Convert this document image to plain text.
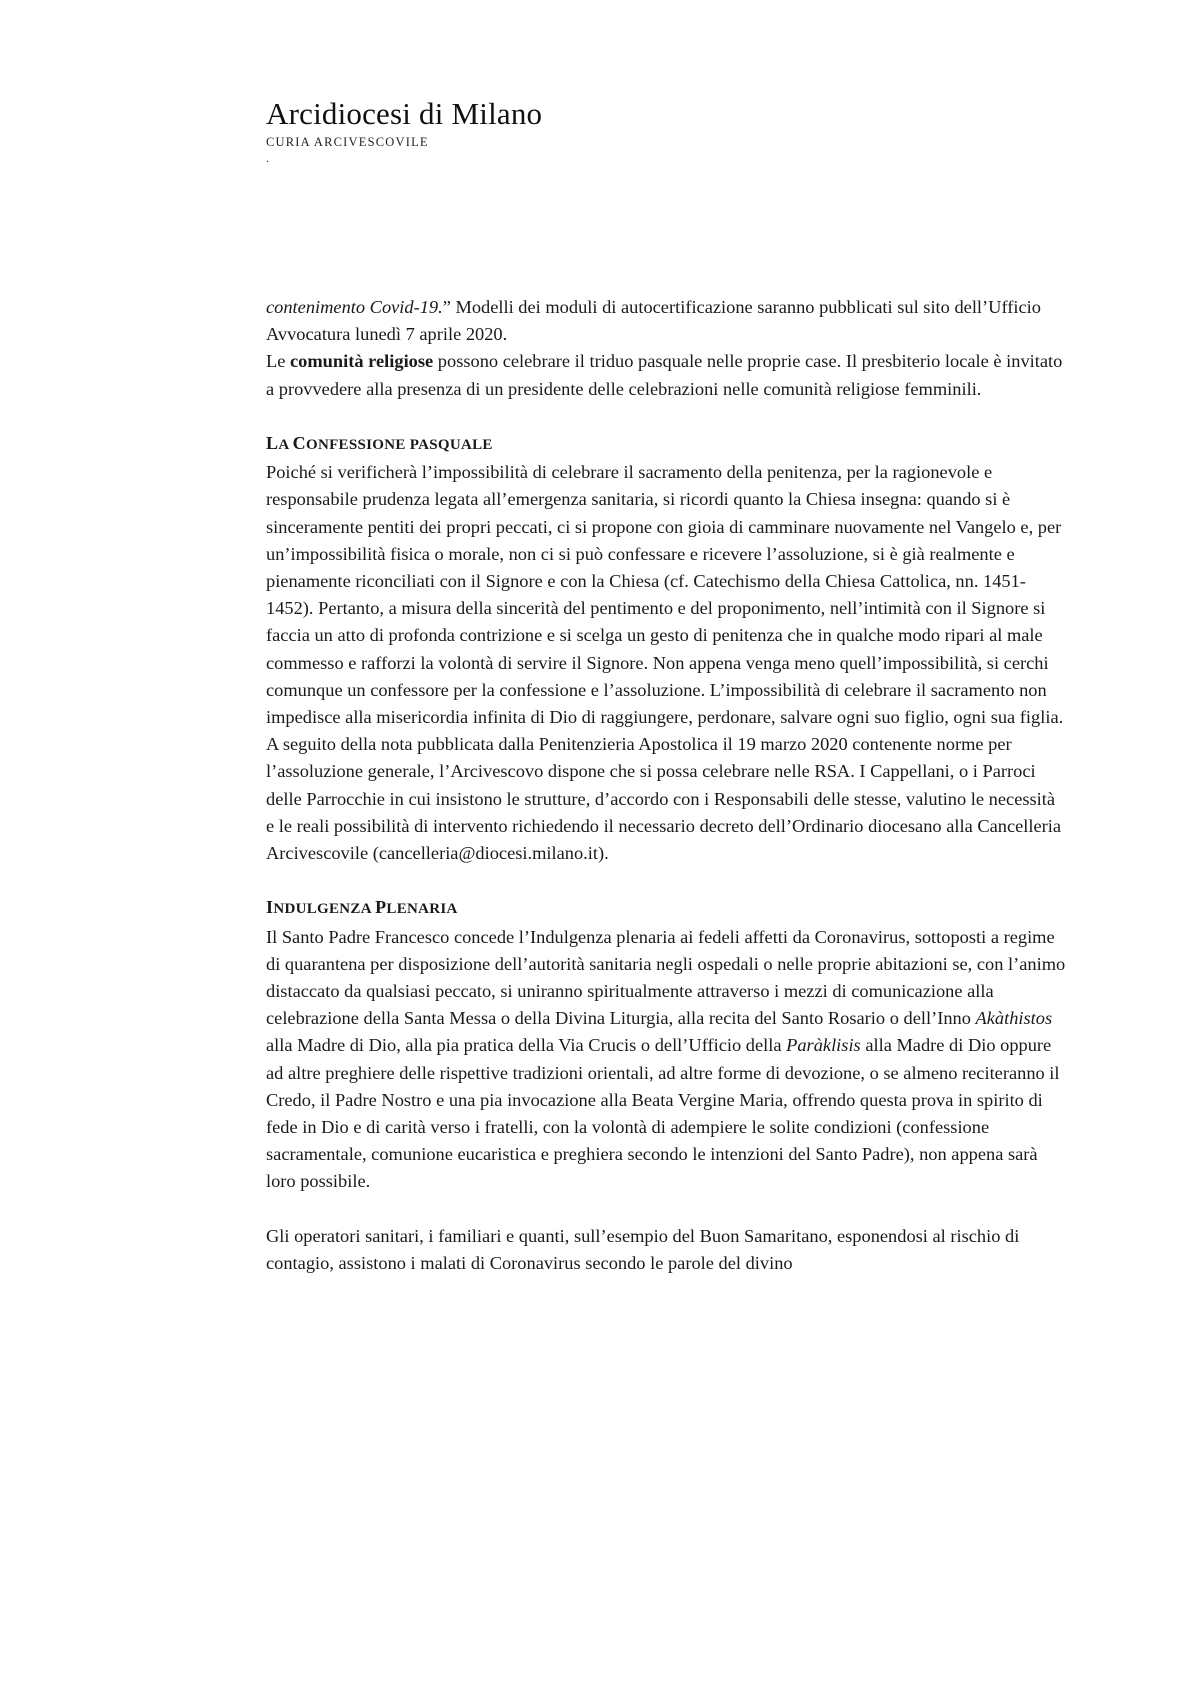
Arcidiocesi di Milano
CURIA ARCIVESCOVILE
.

contenimento Covid-19.” Modelli dei moduli di autocertificazione saranno pubblicati sul sito dell’Ufficio Avvocatura lunedì 7 aprile 2020.

Le comunità religiose possono celebrare il triduo pasquale nelle proprie case. Il presbiterio locale è invitato a provvedere alla presenza di un presidente delle celebrazioni nelle comunità religiose femminili.

LA CONFESSIONE PASQUALE

Poiché si verificherà l’impossibilità di celebrare il sacramento della penitenza, per la ragionevole e responsabile prudenza legata all’emergenza sanitaria, si ricordi quanto la Chiesa insegna: quando si è sinceramente pentiti dei propri peccati, ci si propone con gioia di camminare nuovamente nel Vangelo e, per un’impossibilità fisica o morale, non ci si può confessare e ricevere l’assoluzione, si è già realmente e pienamente riconciliati con il Signore e con la Chiesa (cf. Catechismo della Chiesa Cattolica, nn. 1451-1452). Pertanto, a misura della sincerità del pentimento e del proponimento, nell’intimità con il Signore si faccia un atto di profonda contrizione e si scelga un gesto di penitenza che in qualche modo ripari al male commesso e rafforzi la volontà di servire il Signore. Non appena venga meno quell’impossibilità, si cerchi comunque un confessore per la confessione e l’assoluzione. L’impossibilità di celebrare il sacramento non impedisce alla misericordia infinita di Dio di raggiungere, perdonare, salvare ogni suo figlio, ogni sua figlia.

A seguito della nota pubblicata dalla Penitenzieria Apostolica il 19 marzo 2020 contenente norme per l’assoluzione generale, l’Arcivescovo dispone che si possa celebrare nelle RSA. I Cappellani, o i Parroci delle Parrocchie in cui insistono le strutture, d’accordo con i Responsabili delle stesse, valutino le necessità e le reali possibilità di intervento richiedendo il necessario decreto dell’Ordinario diocesano alla Cancelleria Arcivescovile (cancelleria@diocesi.milano.it).

INDULGENZA PLENARIA

Il Santo Padre Francesco concede l’Indulgenza plenaria ai fedeli affetti da Coronavirus, sottoposti a regime di quarantena per disposizione dell’autorità sanitaria negli ospedali o nelle proprie abitazioni se, con l’animo distaccato da qualsiasi peccato, si uniranno spiritualmente attraverso i mezzi di comunicazione alla celebrazione della Santa Messa o della Divina Liturgia, alla recita del Santo Rosario o dell’Inno Akàthistos alla Madre di Dio, alla pia pratica della Via Crucis o dell’Ufficio della Paràklisis alla Madre di Dio oppure ad altre preghiere delle rispettive tradizioni orientali, ad altre forme di devozione, o se almeno reciteranno il Credo, il Padre Nostro e una pia invocazione alla Beata Vergine Maria, offrendo questa prova in spirito di fede in Dio e di carità verso i fratelli, con la volontà di adempiere le solite condizioni (confessione sacramentale, comunione eucaristica e preghiera secondo le intenzioni del Santo Padre), non appena sarà loro possibile.

Gli operatori sanitari, i familiari e quanti, sull’esempio del Buon Samaritano, esponendosi al rischio di contagio, assistono i malati di Coronavirus secondo le parole del divino
